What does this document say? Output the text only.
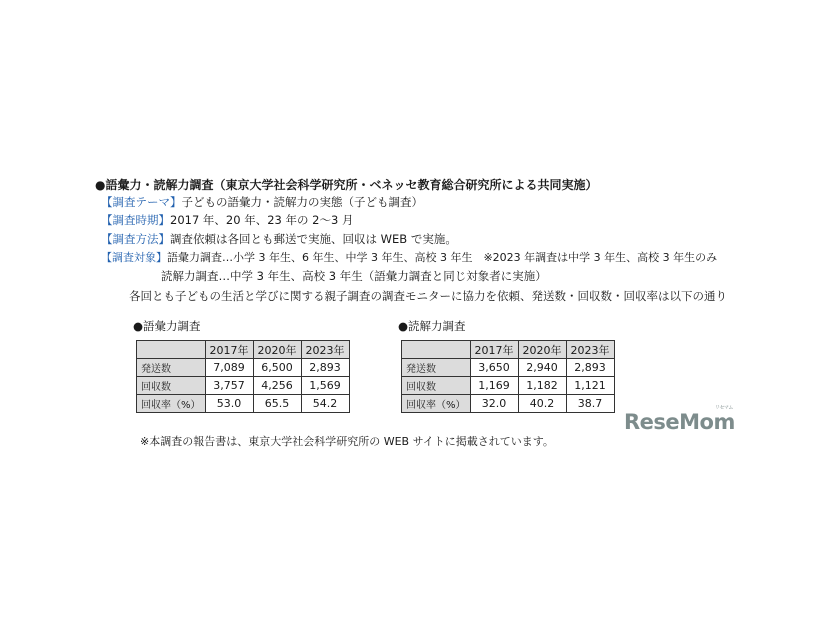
●語彙力・読解力調査（東京大学社会科学研究所・ベネッセ教育総合研究所による共同実施）
【調査テーマ】子どもの語彙力・読解力の実態（子ども調査）
【調査時期】2017 年、20 年、23 年の 2～3 月
【調査方法】調査依頼は各回とも郵送で実施、回収は WEB で実施。
【調査対象】語彙力調査…小学 3 年生、6 年生、中学 3 年生、高校 3 年生　※2023 年調査は中学 3 年生、高校 3 年生のみ
読解力調査…中学 3 年生、高校 3 年生（語彙力調査と同じ対象者に実施）
各回とも子どもの生活と学びに関する親子調査の調査モニターに協力を依頼、発送数・回収数・回収率は以下の通り
●語彙力調査
	2017年	2020年	2023年
発送数	7,089	6,500	2,893
回収数	3,757	4,256	1,569
回収率（%）	53.0	65.5	54.2
●読解力調査
	2017年	2020年	2023年
発送数	3,650	2,940	2,893
回収数	1,169	1,182	1,121
回収率（%）	32.0	40.2	38.7
※本調査の報告書は、東京大学社会科学研究所の WEB サイトに掲載されています。
ReseMom
リセマム
